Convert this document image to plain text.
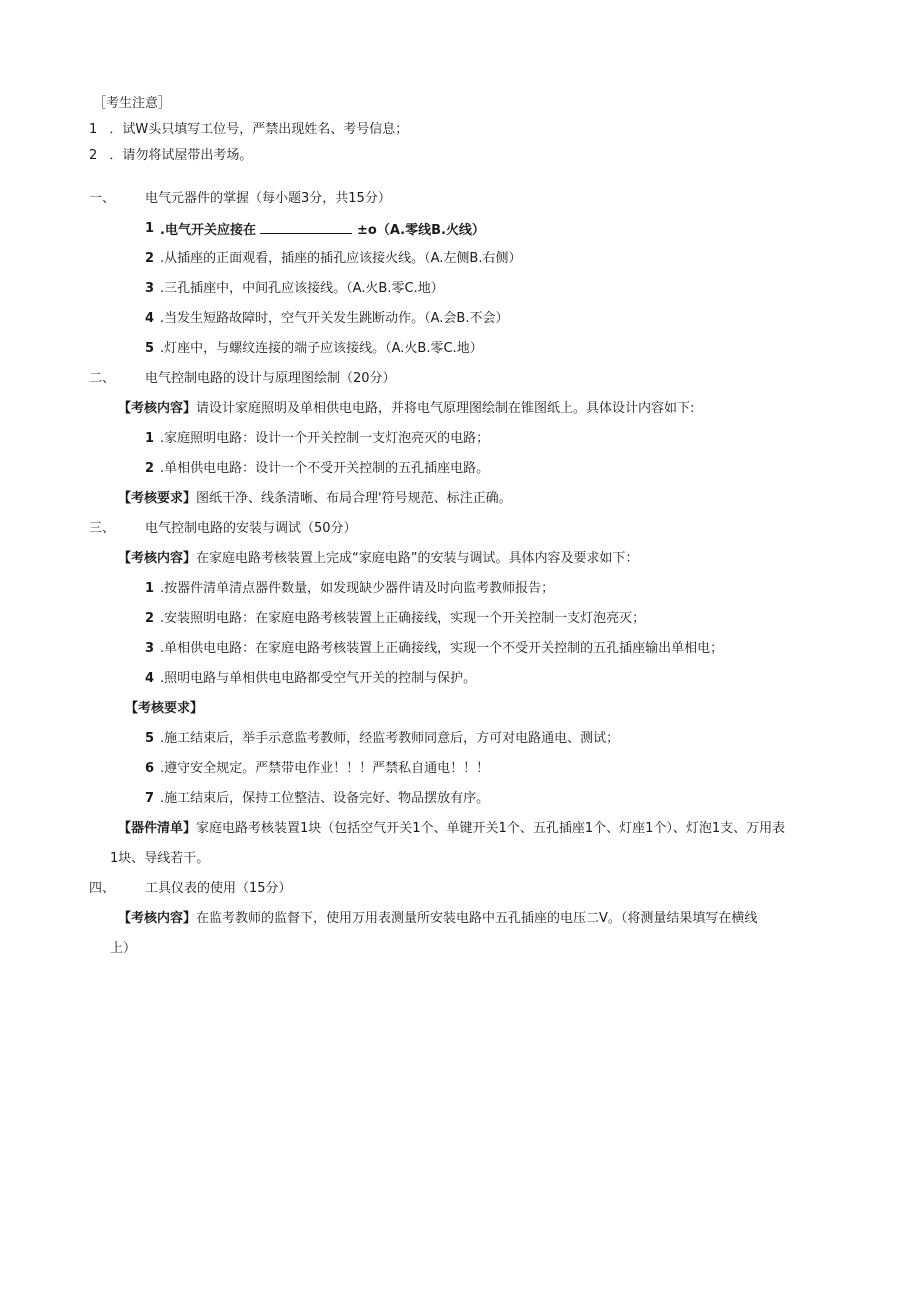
［考生注意］
1 ．试W头只填写工位号，严禁出现姓名、考号信息；
2 ．请勿将试屋带出考场。
一、 电气元器件的掌握（每小题3分，共15分）
1 .电气开关应接在	±o（A.零线B.火线）
2 .从插座的正面观看，插座的插孔应该接火线。（A.左侧B.右侧）
3 .三孔插座中，中间孔应该接线。（A.火B.零C.地）
4 .当发生短路故障时，空气开关发生跳断动作。（A.会B.不会）
5 .灯座中，与螺纹连接的端子应该接线。（A.火B.零C.地）
二、 电气控制电路的设计与原理图绘制（20分）
【考核内容】请设计家庭照明及单相供电电路，并将电气原理图绘制在锥图纸上。具体设计内容如下:
1 .家庭照明电路：设计一个开关控制一支灯泡亮灭的电路；
2 .单相供电电路：设计一个不受开关控制的五孔插座电路。
【考核要求】图纸干净、线条清晰、布局合理'符号规范、标注正确。
三、 电气控制电路的安装与调试（50分）
【考核内容】在家庭电路考核装置上完成“家庭电路”的安装与调试。具体内容及要求如下：
1 .按器件清单清点器件数量，如发现缺少器件请及时向监考教师报告；
2 .安装照明电路：在家庭电路考核装置上正确接线，实现一个开关控制一支灯泡亮灭；
3 .单相供电电路：在家庭电路考核装置上正确接线，实现一个不受开关控制的五孔插座输出单相电；
4 .照明电路与单相供电电路都受空气开关的控制与保护。
【考核要求】
5 .施工结束后，举手示意监考教师，经监考教师同意后，方可对电路通电、测试；
6 .遵守安全规定。严禁带电作业！！！严禁私自通电！！！
7 .施工结束后，保持工位整洁、设备完好、物品摆放有序。
【器件清单】家庭电路考核装置1块（包括空气开关1个、单键开关1个、五孔插座1个、灯座1个）、灯泡1支、万用表
1块、导线若干。
四、 工具仪表的使用（15分）
【考核内容】在监考教师的监督下，使用万用表测量所安装电路中五孔插座的电压二V。（将测量结果填写在横线
上）
